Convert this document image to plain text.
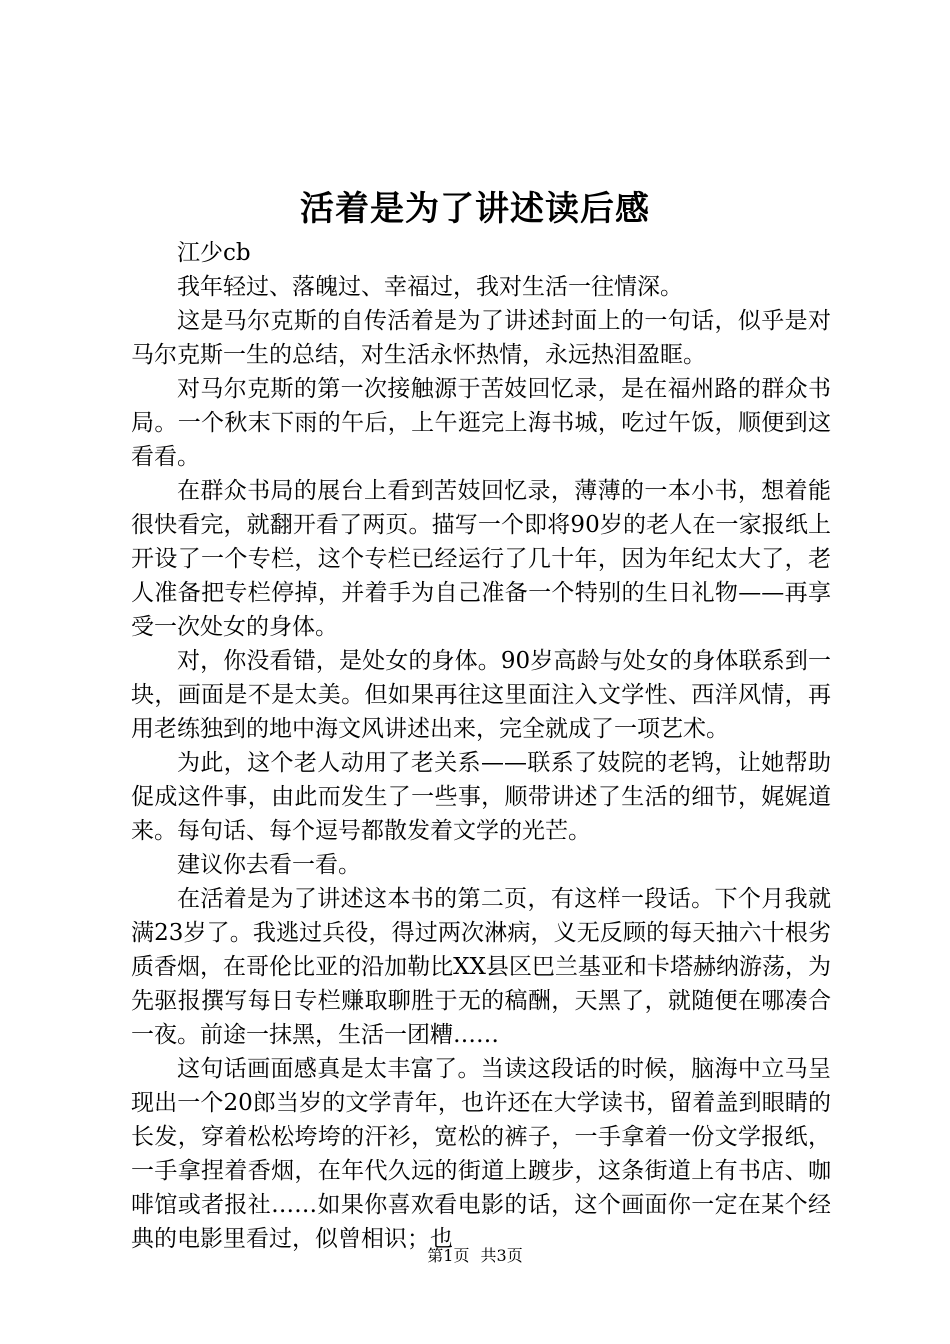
活着是为了讲述读后感

江少cb

我年轻过、落魄过、幸福过，我对生活一往情深。

这是马尔克斯的自传活着是为了讲述封面上的一句话，似乎是对马尔克斯一生的总结，对生活永怀热情，永远热泪盈眶。

对马尔克斯的第一次接触源于苦妓回忆录，是在福州路的群众书局。一个秋末下雨的午后，上午逛完上海书城，吃过午饭，顺便到这看看。

在群众书局的展台上看到苦妓回忆录，薄薄的一本小书，想着能很快看完，就翻开看了两页。描写一个即将90岁的老人在一家报纸上开设了一个专栏，这个专栏已经运行了几十年，因为年纪太大了，老人准备把专栏停掉，并着手为自己准备一个特别的生日礼物——再享受一次处女的身体。

对，你没看错，是处女的身体。90岁高龄与处女的身体联系到一块，画面是不是太美。但如果再往这里面注入文学性、西洋风情，再用老练独到的地中海文风讲述出来，完全就成了一项艺术。

为此，这个老人动用了老关系——联系了妓院的老鸨，让她帮助促成这件事，由此而发生了一些事，顺带讲述了生活的细节，娓娓道来。每句话、每个逗号都散发着文学的光芒。

建议你去看一看。

在活着是为了讲述这本书的第二页，有这样一段话。下个月我就满23岁了。我逃过兵役，得过两次淋病，义无反顾的每天抽六十根劣质香烟，在哥伦比亚的沿加勒比XX县区巴兰基亚和卡塔赫纳游荡，为先驱报撰写每日专栏赚取聊胜于无的稿酬，天黑了，就随便在哪凑合一夜。前途一抹黑，生活一团糟……

这句话画面感真是太丰富了。当读这段话的时候，脑海中立马呈现出一个20郎当岁的文学青年，也许还在大学读书，留着盖到眼睛的长发，穿着松松垮垮的汗衫，宽松的裤子，一手拿着一份文学报纸，一手拿捏着香烟，在年代久远的街道上踱步，这条街道上有书店、咖啡馆或者报社……如果你喜欢看电影的话，这个画面你一定在某个经典的电影里看过，似曾相识；也

第1页 共3页
